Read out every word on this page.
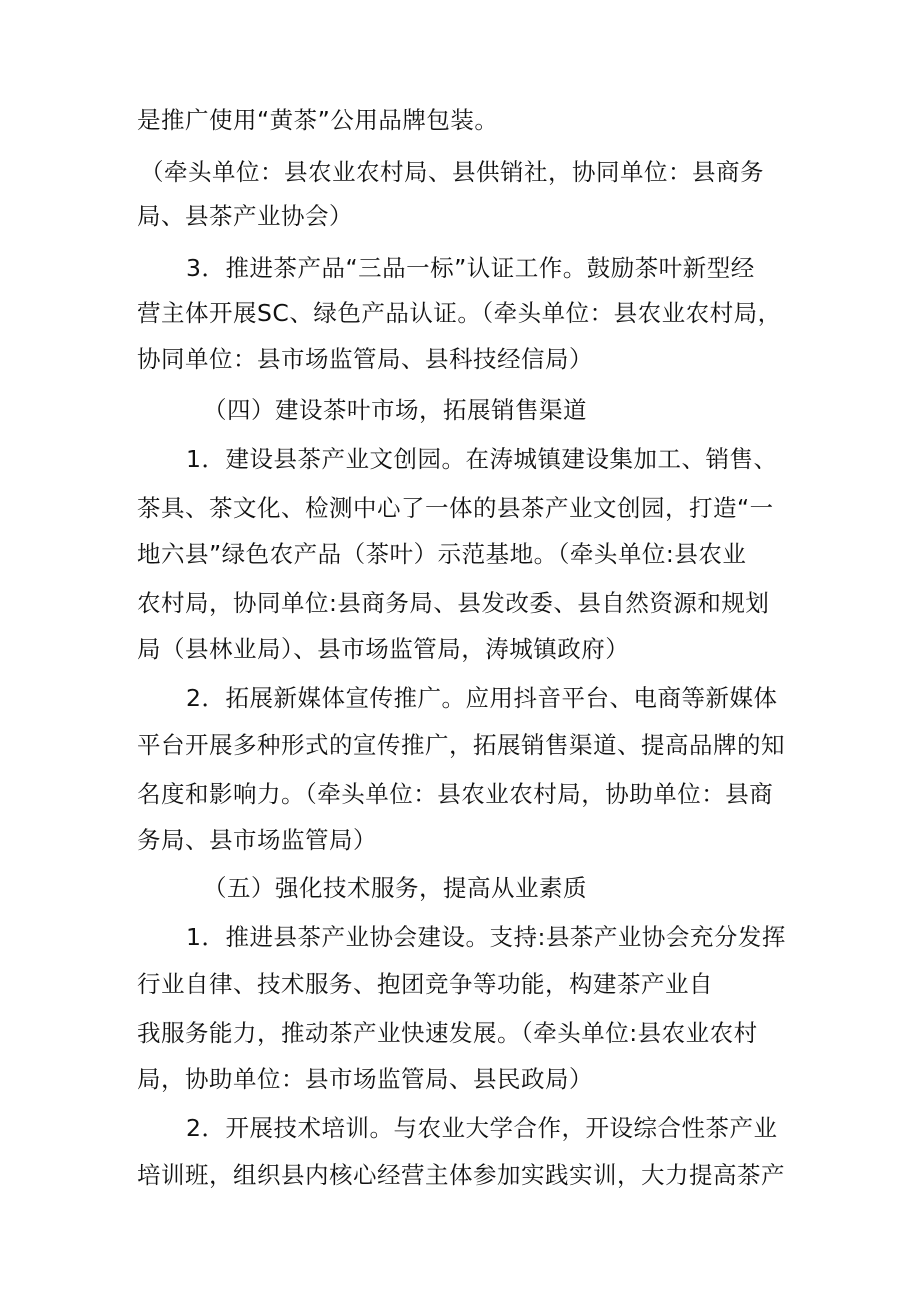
是推广使用“黄茶”公用品牌包装。
（牵头单位：县农业农村局、县供销社，协同单位：县商务
局、县茶产业协会）
3．推进茶产品“三品一标”认证工作。鼓励茶叶新型经
营主体开展SC、绿色产品认证。（牵头单位：县农业农村局，
协同单位：县市场监管局、县科技经信局）
（四）建设茶叶市场，拓展销售渠道
1．建设县茶产业文创园。在涛城镇建设集加工、销售、
茶具、茶文化、检测中心了一体的县茶产业文创园，打造“一
地六县”绿色农产品（茶叶）示范基地。（牵头单位:县农业
农村局，协同单位:县商务局、县发改委、县自然资源和规划
局（县林业局）、县市场监管局，涛城镇政府）
2．拓展新媒体宣传推广。应用抖音平台、电商等新媒体
平台开展多种形式的宣传推广，拓展销售渠道、提高品牌的知
名度和影响力。（牵头单位：县农业农村局，协助单位：县商
务局、县市场监管局）
（五）强化技术服务，提高从业素质
1．推进县茶产业协会建设。支持:县茶产业协会充分发挥
行业自律、技术服务、抱团竞争等功能，构建茶产业自
我服务能力，推动茶产业快速发展。（牵头单位:县农业农村
局，协助单位：县市场监管局、县民政局）
2．开展技术培训。与农业大学合作，开设综合性茶产业
培训班，组织县内核心经营主体参加实践实训，大力提高茶产
